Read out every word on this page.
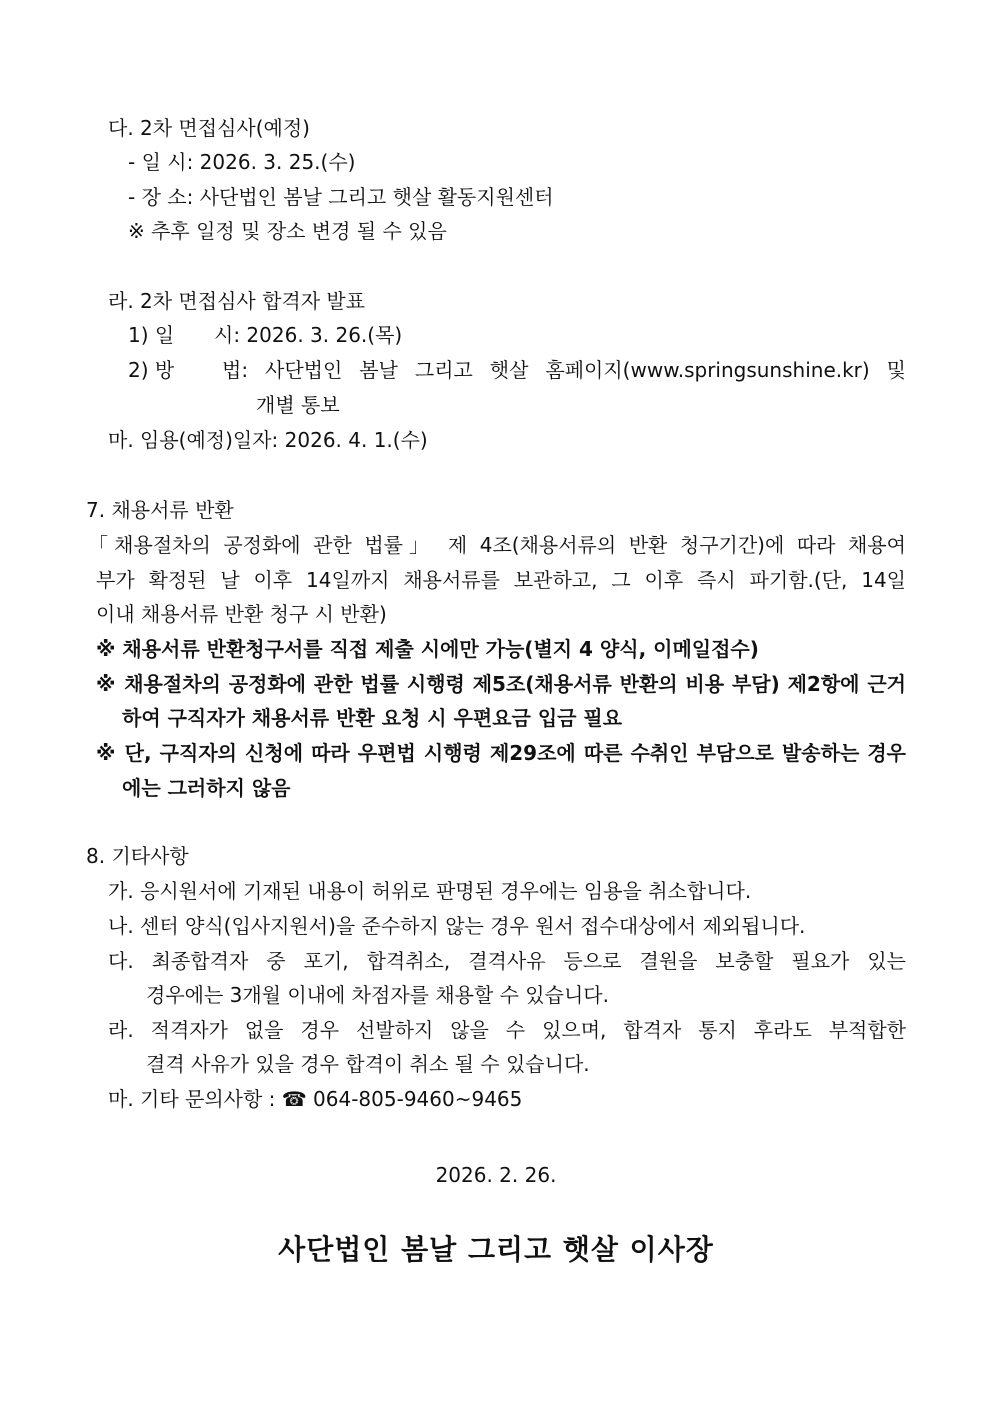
다. 2차 면접심사(예정)
- 일 시: 2026. 3. 25.(수)
- 장 소: 사단법인 봄날 그리고 햇살 활동지원센터
※ 추후 일정 및 장소 변경 될 수 있음
라. 2차 면접심사 합격자 발표
1) 일 시: 2026. 3. 26.(목)
2) 방 법: 사단법인 봄날 그리고 햇살 홈페이지(www.springsunshine.kr) 및
개별 통보
마. 임용(예정)일자: 2026. 4. 1.(수)
7. 채용서류 반환
「채용절차의 공정화에 관한 법률」 제 4조(채용서류의 반환 청구기간)에 따라 채용여
부가 확정된 날 이후 14일까지 채용서류를 보관하고, 그 이후 즉시 파기함.(단, 14일
이내 채용서류 반환 청구 시 반환)
※ 채용서류 반환청구서를 직접 제출 시에만 가능(별지 4 양식, 이메일접수)
※ 채용절차의 공정화에 관한 법률 시행령 제5조(채용서류 반환의 비용 부담) 제2항에 근거
하여 구직자가 채용서류 반환 요청 시 우편요금 입금 필요
※ 단, 구직자의 신청에 따라 우편법 시행령 제29조에 따른 수취인 부담으로 발송하는 경우
에는 그러하지 않음
8. 기타사항
가. 응시원서에 기재된 내용이 허위로 판명된 경우에는 임용을 취소합니다.
나. 센터 양식(입사지원서)을 준수하지 않는 경우 원서 접수대상에서 제외됩니다.
다. 최종합격자 중 포기, 합격취소, 결격사유 등으로 결원을 보충할 필요가 있는
경우에는 3개월 이내에 차점자를 채용할 수 있습니다.
라. 적격자가 없을 경우 선발하지 않을 수 있으며, 합격자 통지 후라도 부적합한
결격 사유가 있을 경우 합격이 취소 될 수 있습니다.
마. 기타 문의사항 : ☎ 064-805-9460~9465
2026. 2. 26.
사단법인 봄날 그리고 햇살 이사장
